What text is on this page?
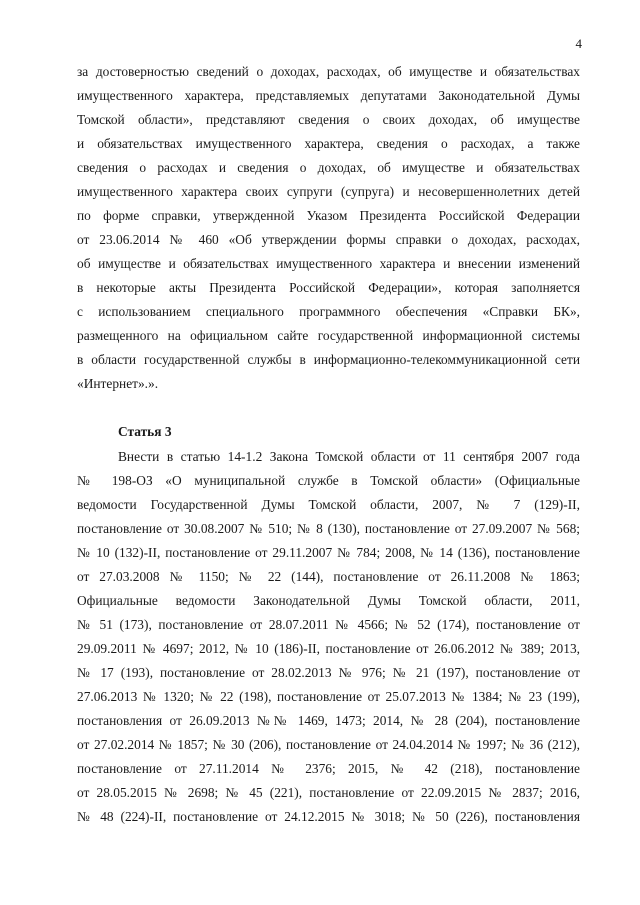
4
за достоверностью сведений о доходах, расходах, об имуществе и обязательствах
имущественного характера, представляемых депутатами Законодательной Думы
Томской области», представляют сведения о своих доходах, об имуществе
и обязательствах имущественного характера, сведения о расходах, а также
сведения о расходах и сведения о доходах, об имуществе и обязательствах
имущественного характера своих супруги (супруга) и несовершеннолетних детей
по форме справки, утвержденной Указом Президента Российской Федерации
от 23.06.2014 № 460 «Об утверждении формы справки о доходах, расходах,
об имуществе и обязательствах имущественного характера и внесении изменений
в некоторые акты Президента Российской Федерации», которая заполняется
с использованием специального программного обеспечения «Справки БК»,
размещенного на официальном сайте государственной информационной системы
в области государственной службы в информационно-телекоммуникационной сети
«Интернет».».
Статья 3
Внести в статью 14-1.2 Закона Томской области от 11 сентября 2007 года
№ 198-ОЗ «О муниципальной службе в Томской области» (Официальные
ведомости Государственной Думы Томской области, 2007, № 7 (129)-II,
постановление от 30.08.2007 № 510; № 8 (130), постановление от 27.09.2007 № 568;
№ 10 (132)-II, постановление от 29.11.2007 № 784; 2008, № 14 (136), постановление
от 27.03.2008 № 1150; № 22 (144), постановление от 26.11.2008 № 1863;
Официальные ведомости Законодательной Думы Томской области, 2011,
№ 51 (173), постановление от 28.07.2011 № 4566; № 52 (174), постановление от
29.09.2011 № 4697; 2012, № 10 (186)-II, постановление от 26.06.2012 № 389; 2013,
№ 17 (193), постановление от 28.02.2013 № 976; № 21 (197), постановление от
27.06.2013 № 1320; № 22 (198), постановление от 25.07.2013 № 1384; № 23 (199),
постановления от 26.09.2013 №№ 1469, 1473; 2014, № 28 (204), постановление
от 27.02.2014 № 1857; № 30 (206), постановление от 24.04.2014 № 1997; № 36 (212),
постановление от 27.11.2014 № 2376; 2015, № 42 (218), постановление
от 28.05.2015 № 2698; № 45 (221), постановление от 22.09.2015 № 2837; 2016,
№ 48 (224)-II, постановление от 24.12.2015 № 3018; № 50 (226), постановления
